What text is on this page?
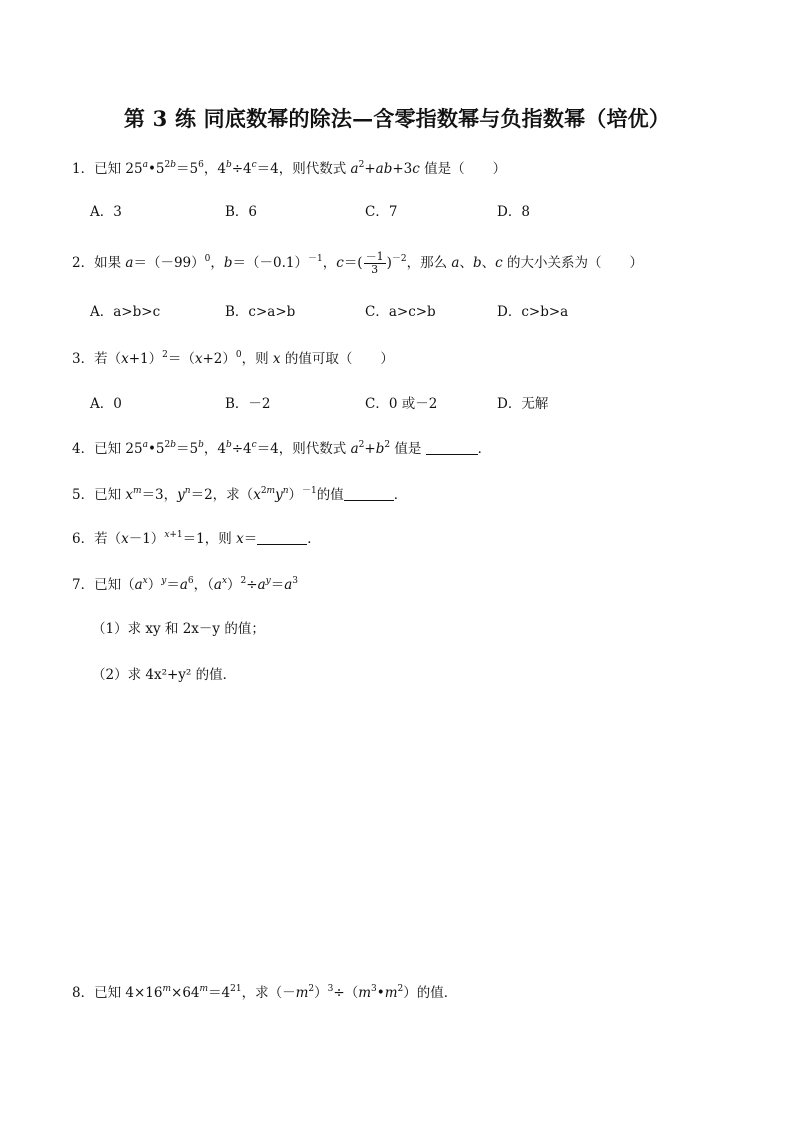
第 3 练 同底数幂的除法—含零指数幂与负指数幂（培优）
1．已知 $25^a•5^{2b}=5^6$，$4^b\div 4^c=4$，则代数式 $a^2+ab+3c$ 值是（ ）
A．3	B．6	C．7	D．8
2．如果 $a=(-99)^0$，$b=(-0.1)^{-1}$，$c=( \frac{-1}{3} )^{-2}$，那么 a、b、c 的大小关系为（ ）
A．a>b>c	B．c>a>b	C．a>c>b	D．c>b>a
3．若$(x+1)^2=(x+2)^0$，则 x 的值可取（ ）
A．0	B．－2	C．0 或－2	D．无解
4．已知 $25^a•5^{2b}=5^b$，$4^b\div 4^c=4$，则代数式 $a^2+b^2$ 值是	．
5．已知 $x^m=3$，$y^n=2$，求$(x^{2m}y^n)^{-1}$的值	．
6．若$(x-1)^{x+1}=1$，则 x＝	．
7．已知$(a^x)^y=a^6$，$(a^x)^2\div a^y=a^3$
（1）求 xy 和 2x－y 的值；
（2）求 4x²+y² 的值．
8．已知 $4\times 16^m\times 64^m=4^{21}$，求$(-m^2)^3\div(m^3•m^2)$的值．
